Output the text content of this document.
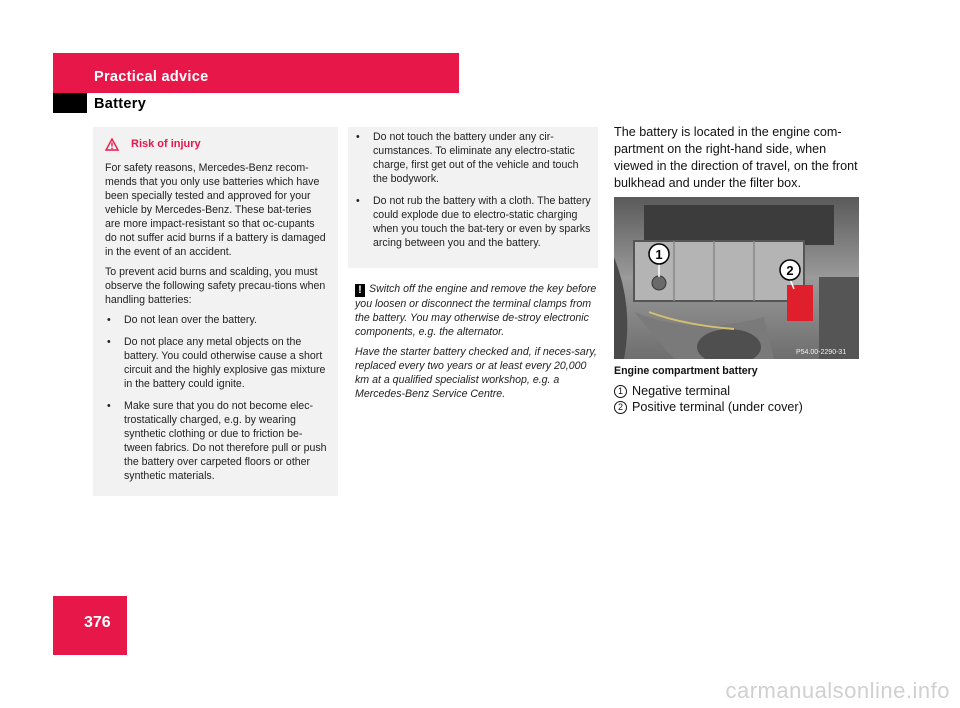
Practical advice
Battery
Risk of injury

For safety reasons, Mercedes-Benz recom-mends that you only use batteries which have been specially tested and approved for your vehicle by Mercedes-Benz. These bat-teries are more impact-resistant so that oc-cupants do not suffer acid burns if a battery is damaged in the event of an accident.

To prevent acid burns and scalding, you must observe the following safety precau-tions when handling batteries:

• Do not lean over the battery.
• Do not place any metal objects on the battery. You could otherwise cause a short circuit and the highly explosive gas mixture in the battery could ignite.
• Make sure that you do not become elec-trostatically charged, e.g. by wearing synthetic clothing or due to friction be-tween fabrics. Do not therefore pull or push the battery over carpeted floors or other synthetic materials.
• Do not touch the battery under any cir-cumstances. To eliminate any electro-static charge, first get out of the vehicle and touch the bodywork.
• Do not rub the battery with a cloth. The battery could explode due to electro-static charging when you touch the bat-tery or even by sparks arcing between you and the battery.

! Switch off the engine and remove the key before you loosen or disconnect the terminal clamps from the battery. You may otherwise de-stroy electronic components, e.g. the alternator.

Have the starter battery checked and, if neces-sary, replaced every two years or at least every 20,000 km at a qualified specialist workshop, e.g. a Mercedes-Benz Service Centre.

The battery is located in the engine com-partment on the right-hand side, when viewed in the direction of travel, on the front bulkhead and under the filter box.
1
2
P54.00-2290-31
Engine compartment battery
1 Negative terminal
2 Positive terminal (under cover)
376
carmanualsonline.info
